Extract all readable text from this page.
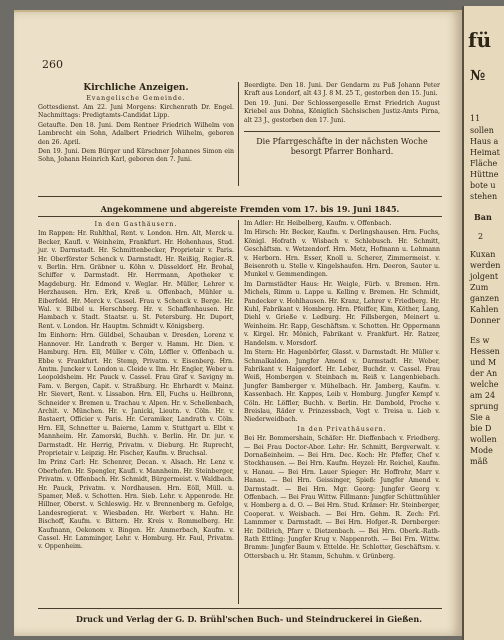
260
Kirchliche Anzeigen.
Evangelische Gemeinde.

Gottesdienst. Am 22. Juni Morgens: Kirchenrath Dr. Engel. Nachmittags: Predigtamts-Candidat Lipp.

Getaufte. Den 18. Juni. Dem Rentner Friedrich Wilhelm von Lambrecht ein Sohn, Adalbert Friedrich Wilhelm, geboren den 26. April.

Den 19. Juni. Dem Bürger und Kürschner Johannes Simon ein Sohn, Johann Heinrich Karl, geboren den 7. Juni.

Beerdigte. Den 18. Juni. Der Gendarm zu Fuß Johann Peter Kraft aus Londorf, alt 43 J. 8 M. 25 T., gestorben den 15. Juni.

Den 19. Juni. Der Schlossergeselle Ernst Friedrich August Kriebel aus Dohna, Königlich Sächsischen Justiz-Amts Pirna, alt 23 J., gestorben den 17. Juni.

Die Pfarrgeschäfte in der nächsten Woche besorgt Pfarrer Bonhard.

Angekommene und abgereiste Fremden vom 17. bis 19. Juni 1845.
In den Gasthäusern.

Im Rappen: Hr. Ruhlthal, Rent. v. London. Hrn. Alt, Merck u. Becker, Kaufl. v. Weinheim, Frankfurt. Hr. Hohenhaus, Stud. jur. v. Darmstadt. Hr. Schmittenbecker, Proprietair v. Paris. Hr. Oberförster Schenck v. Darmstadt. Hr. Reißig, Regier.-R. v. Berlin. Hrn. Gräbner u. Köhn v. Düsseldorf. Hr. Brohal, Schiffer v. Darmstadt. Hr. Herrmann, Apotheker v. Magdeburg. Hr. Edmond v. Weglar. Hr. Müller, Lehrer v. Herzhausen. Hrn. Erk, Kreß u. Offenbach, Mühler u. Eiberfeld. Hr. Merck v. Cassel. Frau v. Schenck v. Berge. Hr. Wal. v. Bilbel u. Herschberg. Hr. v. Schaffenhausen. Hr. Hambach v. Stadt. Staatsr. u. St. Petersburg. Hr. Duport, Rent. v. London. Hr. Hauptm. Schmidt v. Königsberg.

Im Einhorn: Hrn. Güldbel, Schauban v. Dresden, Lorenz v. Hannover. Hr. Landrath v. Berger v. Hamm. Hr. Dien. v. Hamburg. Hrn. Ell, Müller v. Cöln, Löffler v. Offenbach u. Ebbe v. Frankfurt. Hr. Stemp, Privatm. v. Eisenberg. Hrn. Amtm. Juncker v. London u. Cleide v. Ilm. Hr. Engler, Weber u. Leopoldsheim. Hr. Pauck v. Cassel. Frau Graf v. Savigny m. Fam. v. Bergen, Capit. v. Straßburg. Hr. Ehrhardt v. Mainz. Hr. Sievert, Rent. v. Lissabon. Hrn. Ell, Fuchs u. Heilbronn, Schneider v. Bremen u. Trachau v. Alpen. Hr. v. Schellenbach, Archit. v. München. Hr. v. Janicki, Lieutn. v. Cöln. Hr. v. Bastaert, Officier v. Paris. Hr. Ceramiker, Landrath v. Cöln. Hrn. Ell, Schnetter u. Baierne, Lamm v. Stuttgart u. Elbt v. Mannheim. Hr. Zamorski, Buchh. v. Berlin. Hr. Dr. jur. v. Darmstadt. Hr. Herrig, Privatm. v. Dieburg. Hr. Ruprecht, Proprietair v. Leipzig. Hr. Fischer, Kaufm. v. Bruchsal.

Im Prinz Carl: Hr. Schenrer, Decan. v. Alsach. Hr. Lenz v. Oberhofen. Hr. Spengler, Kaufl. v. Mannheim. Hr. Steinberger, Privatm. v. Offenbach. Hr. Schmidt, Bürgermeist. v. Waldbach. Hr. Pauck, Privatm. v. Nordhausen. Hrn. Eöll, Müll. u. Spamer, Meß. v. Schotten. Hrn. Sieb. Lehr. v. Appenrode. Hr. Hillner, Oberst. v. Schleswig. Hr. v. Brennenberg m. Gefolge, Landesregierat. v. Wiesbaden. Hr. Werbert v. Hahn. Hr. Bischoff, Kaufm. v. Bittern. Hr. Kreis v. Rommelberg. Hr. Kaufmann, Oekonom v. Bingen. Hr. Ammerbach, Kaufm. v. Cassel. Hr. Lamminger, Lehr. v. Homburg. Hr. Faul, Privatm. v. Oppenheim.

Im Adler: Hr. Heibelberg, Kaufm. v. Offenbach.

Im Hirsch: Hr. Becker, Kaufm. v. Derlingshausen. Hrn. Fuchs, Königl. Hofrath v. Wisbach v. Schlebusch. Hr. Schmitt, Geschäftsm. v. Wetzendorf. Hrn. Metz, Hofmann u. Lohmann v. Herborn. Hrn. Esser, Knoll u. Scherer, Zimmermeist. v. Beisenroth u. Stelle v. Kingelshaufen. Hrn. Deeron, Sauter u. Munkel v. Gemmendingen.

Im Darmstädter Haus: Hr. Weigle, Fürb. v. Bremen. Hrn. Michels, Rimm u. Lappe u. Kelling v. Bremen. Hr. Schmidt, Pandecker v. Hohlhausen. Hr. Kranz, Lehrer v. Friedberg. Hr. Kuhl, Fabrikant v. Homberg. Hrn. Pfeiffer, Kim, Köther, Lang, Diehl v. Grieße v. Ledburg. Hr. Fillsbergen, Meinert u. Weinheim. Hr. Rapp, Geschäftsm. v. Schotten. Hr. Oppermann v. Kirgel. Hr. Mönich, Fabrikant v. Frankfurt. Hr. Ratzer, Handelsm. v. Morsdorf.

Im Stern: Hr. Hagenbörfer, Glasst. v. Darmstadt. Hr. Müller v. Schmalkalden. Jungfer Amend v. Darmstadt. Hr. Weber, Fabrikant v. Haigerdorf. Hr. Leber, Buchdr. v. Cassel. Frau Weiß, Hombergen v. Steinbach m. Reiß v. Langenbiebach. Jungfer Bamberger v. Mühelbach. Hr. Jamberg, Kaufm. v. Kassenbach. Hr. Kappes, Leib v. Homburg. Jungfer Kempf v. Cöln. Hr. Löffler, Buchh. v. Berlin. Hr. Dambold, Proche v. Breislau, Räder v. Prinzessbach, Vogt v. Treisa u. Lieb v. Niederweidbach.

In den Privathäusern.

Bei Hr. Bommershain, Schäfer: Hr. Dieffenbach v. Friedberg. — Bei Frau Doctor-Abor. Lehr: Hr. Schmitt, Bergverwalt. v. Dornaßeinheim. — Bei Hrn. Dec. Koch: Hr. Pfeffer, Chef v. Stockhausen. — Bei Hrn. Kaufm. Heyzel: Hr. Reichel, Kaufm. v. Hanau. — Bei Hrn. Lauer Spieger: Hr. Hoffrohr, Marr v. Hanau. — Bei Hrn. Geissinger, Spieß: Jungfer Amend v. Darmstadt. — Bei Hrn. Mgr. Georg: Jungfer Georg v. Offenbach. — Bei Frau Wittw. Fillmann: Jungfer Schüttmühler v. Homberg a. d. O. — Bei Hrn. Stud. Krämer: Hr. Steinberger, Cooperat. v. Weisbach. — Bei Hrn. Gehm. R. Zech: Frl. Lammmer v. Darmstadt. — Bei Hrn. Hofger.-R. Dernberger: Hr. Döllrich, Pfarr v. Dietzenbach. — Bei Hrn. Oberk.-Rath-Rath Ettling: Jungfer Krug v. Nappenroth. — Bei Frn. Wittw. Bramm: Jungfer Baum v. Ettelde. Hr. Schlotter, Geschäftsm. v. Ottersbach u. Hr. Stamm, Schuhm. v. Grünberg.

Druck und Verlag der G. D. Brühl'schen Buch- und Steindruckerei in Gießen.
fü
№
11
sollen
Haus a
Heimat
Fläche
Hüttne
bote u
stehen
Ban
2
Kuxan
werden
jolgent
Zum
ganzen
Kahlen
Donner
Es w
Hessen
und M
der An
welche
am 24
sprung
Sie a
bie D
wollen
Mode
mäß
